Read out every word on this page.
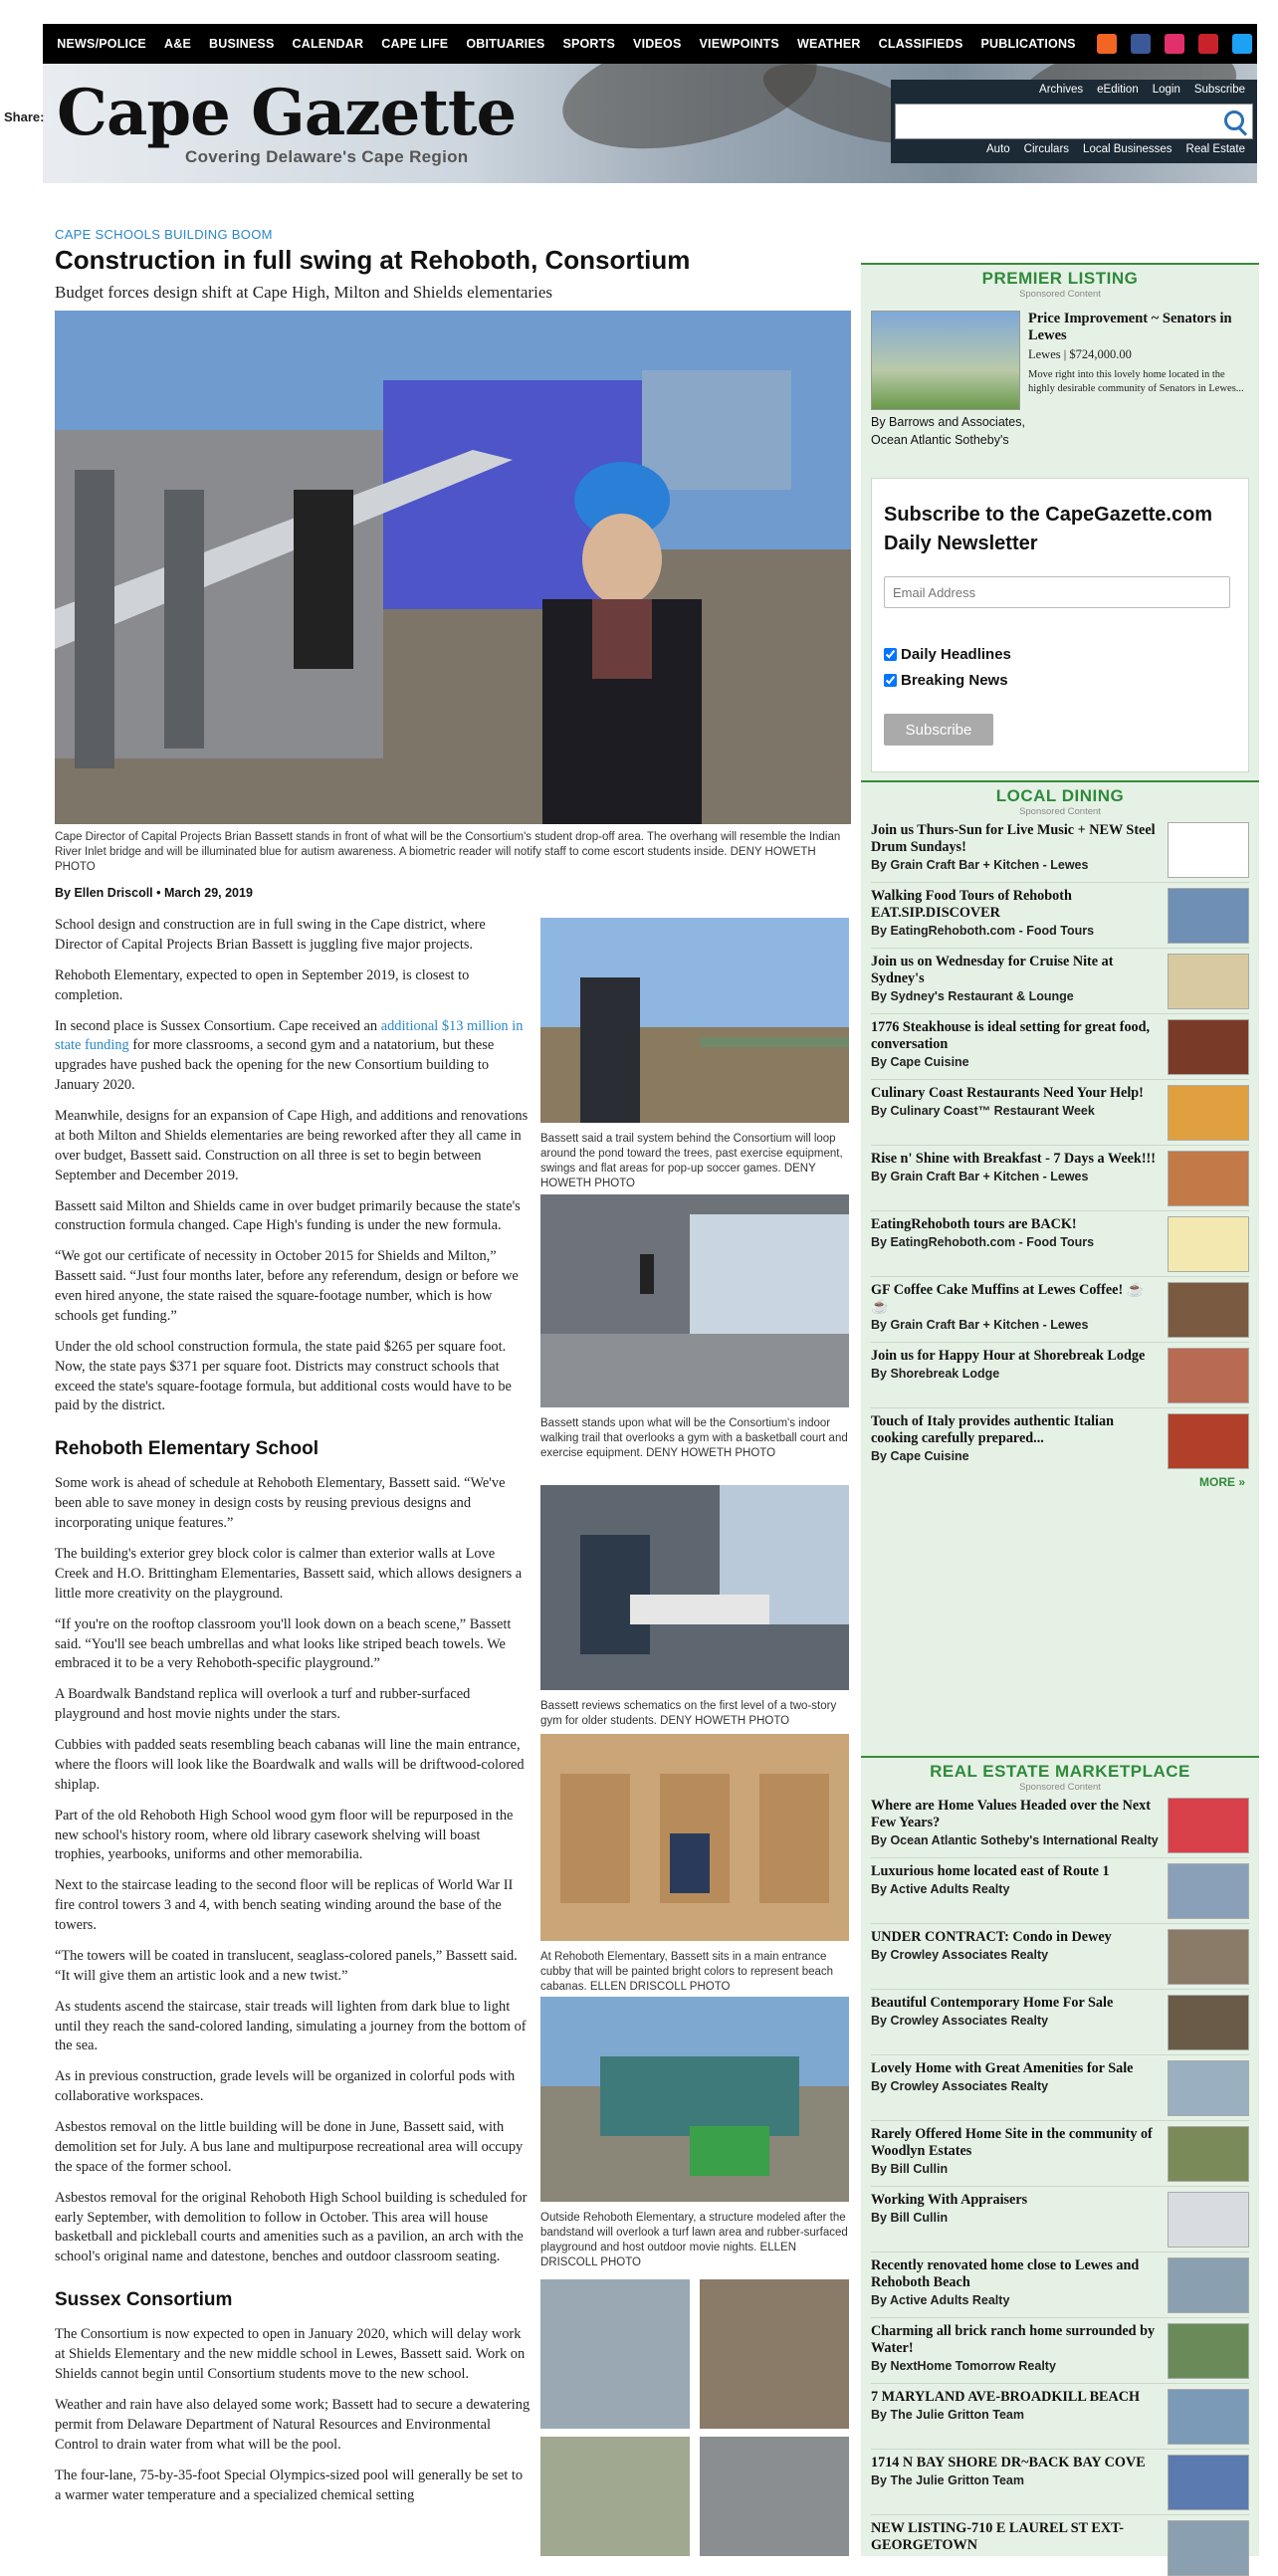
NEWS/POLICE	A&E	BUSINESS	CALENDAR	CAPE LIFE	OBITUARIES	SPORTS	VIDEOS	VIEWPOINTS	WEATHER	CLASSIFIEDS	PUBLICATIONS
Cape Gazette
Covering Delaware's Cape Region
Archives eEdition Login Subscribe
Auto Circulars Local Businesses Real Estate
Share:
f
t
in
r
m
t
B
W
✉
⎙
+
CAPE SCHOOLS BUILDING BOOM
Construction in full swing at Rehoboth, Consortium
Budget forces design shift at Cape High, Milton and Shields elementaries
Cape Director of Capital Projects Brian Bassett stands in front of what will be the Consortium's student drop-off area. The overhang will resemble the Indian River Inlet bridge and will be illuminated blue for autism awareness. A biometric reader will notify staff to come escort students inside. DENY HOWETH PHOTO
By Ellen Driscoll • March 29, 2019

School design and construction are in full swing in the Cape district, where Director of Capital Projects Brian Bassett is juggling five major projects.

Rehoboth Elementary, expected to open in September 2019, is closest to completion.

In second place is Sussex Consortium. Cape received an additional $13 million in state funding for more classrooms, a second gym and a natatorium, but these upgrades have pushed back the opening for the new Consortium building to January 2020.

Meanwhile, designs for an expansion of Cape High, and additions and renovations at both Milton and Shields elementaries are being reworked after they all came in over budget, Bassett said. Construction on all three is set to begin between September and December 2019.

Bassett said Milton and Shields came in over budget primarily because the state's construction formula changed. Cape High's funding is under the new formula.

“We got our certificate of necessity in October 2015 for Shields and Milton,” Bassett said. “Just four months later, before any referendum, design or before we even hired anyone, the state raised the square-footage number, which is how schools get funding.”

Under the old school construction formula, the state paid $265 per square foot. Now, the state pays $371 per square foot. Districts may construct schools that exceed the state's square-footage formula, but additional costs would have to be paid by the district.

Rehoboth Elementary School

Some work is ahead of schedule at Rehoboth Elementary, Bassett said. “We've been able to save money in design costs by reusing previous designs and incorporating unique features.”

The building's exterior grey block color is calmer than exterior walls at Love Creek and H.O. Brittingham Elementaries, Bassett said, which allows designers a little more creativity on the playground.

“If you're on the rooftop classroom you'll look down on a beach scene,” Bassett said. “You'll see beach umbrellas and what looks like striped beach towels. We embraced it to be a very Rehoboth-specific playground.”

A Boardwalk Bandstand replica will overlook a turf and rubber-surfaced playground and host movie nights under the stars.

Cubbies with padded seats resembling beach cabanas will line the main entrance, where the floors will look like the Boardwalk and walls will be driftwood-colored shiplap.

Part of the old Rehoboth High School wood gym floor will be repurposed in the new school's history room, where old library casework shelving will boast trophies, yearbooks, uniforms and other memorabilia.

Next to the staircase leading to the second floor will be replicas of World War II fire control towers 3 and 4, with bench seating winding around the base of the towers.

“The towers will be coated in translucent, seaglass-colored panels,” Bassett said. “It will give them an artistic look and a new twist.”

As students ascend the staircase, stair treads will lighten from dark blue to light until they reach the sand-colored landing, simulating a journey from the bottom of the sea.

As in previous construction, grade levels will be organized in colorful pods with collaborative workspaces.

Asbestos removal on the little building will be done in June, Bassett said, with demolition set for July. A bus lane and multipurpose recreational area will occupy the space of the former school.

Asbestos removal for the original Rehoboth High School building is scheduled for early September, with demolition to follow in October. This area will house basketball and pickleball courts and amenities such as a pavilion, an arch with the school's original name and datestone, benches and outdoor classroom seating.

Sussex Consortium

The Consortium is now expected to open in January 2020, which will delay work at Shields Elementary and the new middle school in Lewes, Bassett said. Work on Shields cannot begin until Consortium students move to the new school.

Weather and rain have also delayed some work; Bassett had to secure a dewatering permit from Delaware Department of Natural Resources and Environmental Control to drain water from what will be the pool.

The four-lane, 75-by-35-foot Special Olympics-sized pool will generally be set to a warmer water temperature and a specialized chemical setting

Bassett said a trail system behind the Consortium will loop around the pond toward the trees, past exercise equipment, swings and flat areas for pop-up soccer games. DENY HOWETH PHOTO
Bassett stands upon what will be the Consortium's indoor walking trail that overlooks a gym with a basketball court and exercise equipment. DENY HOWETH PHOTO
Bassett reviews schematics on the first level of a two-story gym for older students. DENY HOWETH PHOTO
At Rehoboth Elementary, Bassett sits in a main entrance cubby that will be painted bright colors to represent beach cabanas. ELLEN DRISCOLL PHOTO
Outside Rehoboth Elementary, a structure modeled after the bandstand will overlook a turf lawn area and rubber-surfaced playground and host outdoor movie nights. ELLEN DRISCOLL PHOTO
PREMIER LISTING
Sponsored Content
Price Improvement ~ Senators in Lewes
Lewes | $724,000.00
Move right into this lovely home located in the highly desirable community of Senators in Lewes...
By Barrows and Associates, Ocean Atlantic Sotheby's
Subscribe to the CapeGazette.com Daily Newsletter
Email Address
Daily Headlines
Breaking News
Subscribe
LOCAL DINING
Sponsored Content
Join us Thurs-Sun for Live Music + NEW Steel Drum Sundays!
By Grain Craft Bar + Kitchen - Lewes
Walking Food Tours of Rehoboth EAT.SIP.DISCOVER
By EatingRehoboth.com - Food Tours
Join us on Wednesday for Cruise Nite at Sydney's
By Sydney's Restaurant & Lounge
1776 Steakhouse is ideal setting for great food, conversation
By Cape Cuisine
Culinary Coast Restaurants Need Your Help!
By Culinary Coast™ Restaurant Week
Rise n' Shine with Breakfast - 7 Days a Week!!!
By Grain Craft Bar + Kitchen - Lewes
EatingRehoboth tours are BACK!
By EatingRehoboth.com - Food Tours
GF Coffee Cake Muffins at Lewes Coffee! ☕☕
By Grain Craft Bar + Kitchen - Lewes
Join us for Happy Hour at Shorebreak Lodge
By Shorebreak Lodge
Touch of Italy provides authentic Italian cooking carefully prepared...
By Cape Cuisine
MORE »
REAL ESTATE MARKETPLACE
Sponsored Content
Where are Home Values Headed over the Next Few Years?
By Ocean Atlantic Sotheby's International Realty
Luxurious home located east of Route 1
By Active Adults Realty
UNDER CONTRACT: Condo in Dewey
By Crowley Associates Realty
Beautiful Contemporary Home For Sale
By Crowley Associates Realty
Lovely Home with Great Amenities for Sale
By Crowley Associates Realty
Rarely Offered Home Site in the community of Woodlyn Estates
By Bill Cullin
Working With Appraisers
By Bill Cullin
Recently renovated home close to Lewes and Rehoboth Beach
By Active Adults Realty
Charming all brick ranch home surrounded by Water!
By NextHome Tomorrow Realty
7 MARYLAND AVE-BROADKILL BEACH
By The Julie Gritton Team
1714 N BAY SHORE DR~BACK BAY COVE
By The Julie Gritton Team
NEW LISTING-710 E LAUREL ST EXT-GEORGETOWN
